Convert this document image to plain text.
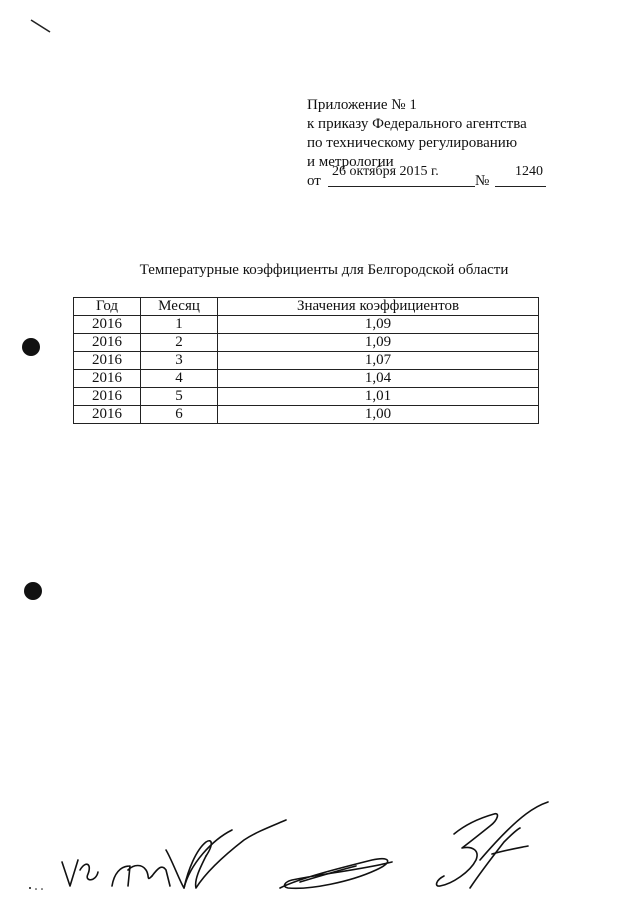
Приложение № 1
к приказу Федерального агентства
по техническому регулированию
и метрологии
от
26 октября 2015 г.
№
1240
Температурные коэффициенты для Белгородской области
Год	Месяц	Значения коэффициентов
2016	1	1,09
2016	2	1,09
2016	3	1,07
2016	4	1,04
2016	5	1,01
2016	6	1,00
